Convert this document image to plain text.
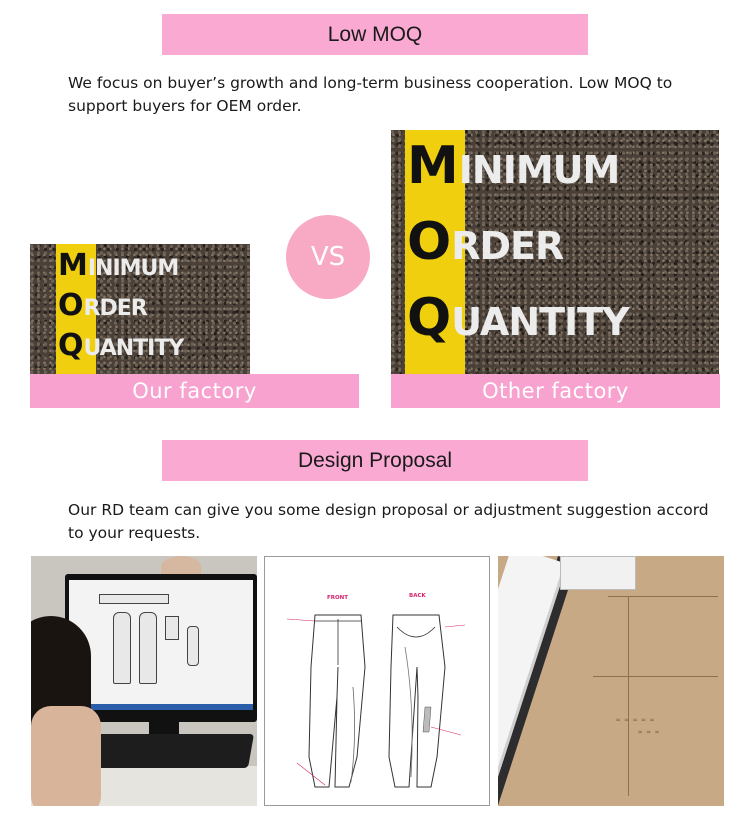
Low MOQ

We focus on buyer’s growth and long-term business cooperation. Low MOQ to support buyers for OEM order.

MINIMUM
ORDER
QUANTITY
Our factory
VS
MINIMUM
ORDER
QUANTITY
Other factory
Design Proposal

Our RD team can give you some design proposal or adjustment suggestion accord to your requests.

FRONT	BACK
≈ ≈ ≈ ≈ ≈
≈ ≈ ≈
